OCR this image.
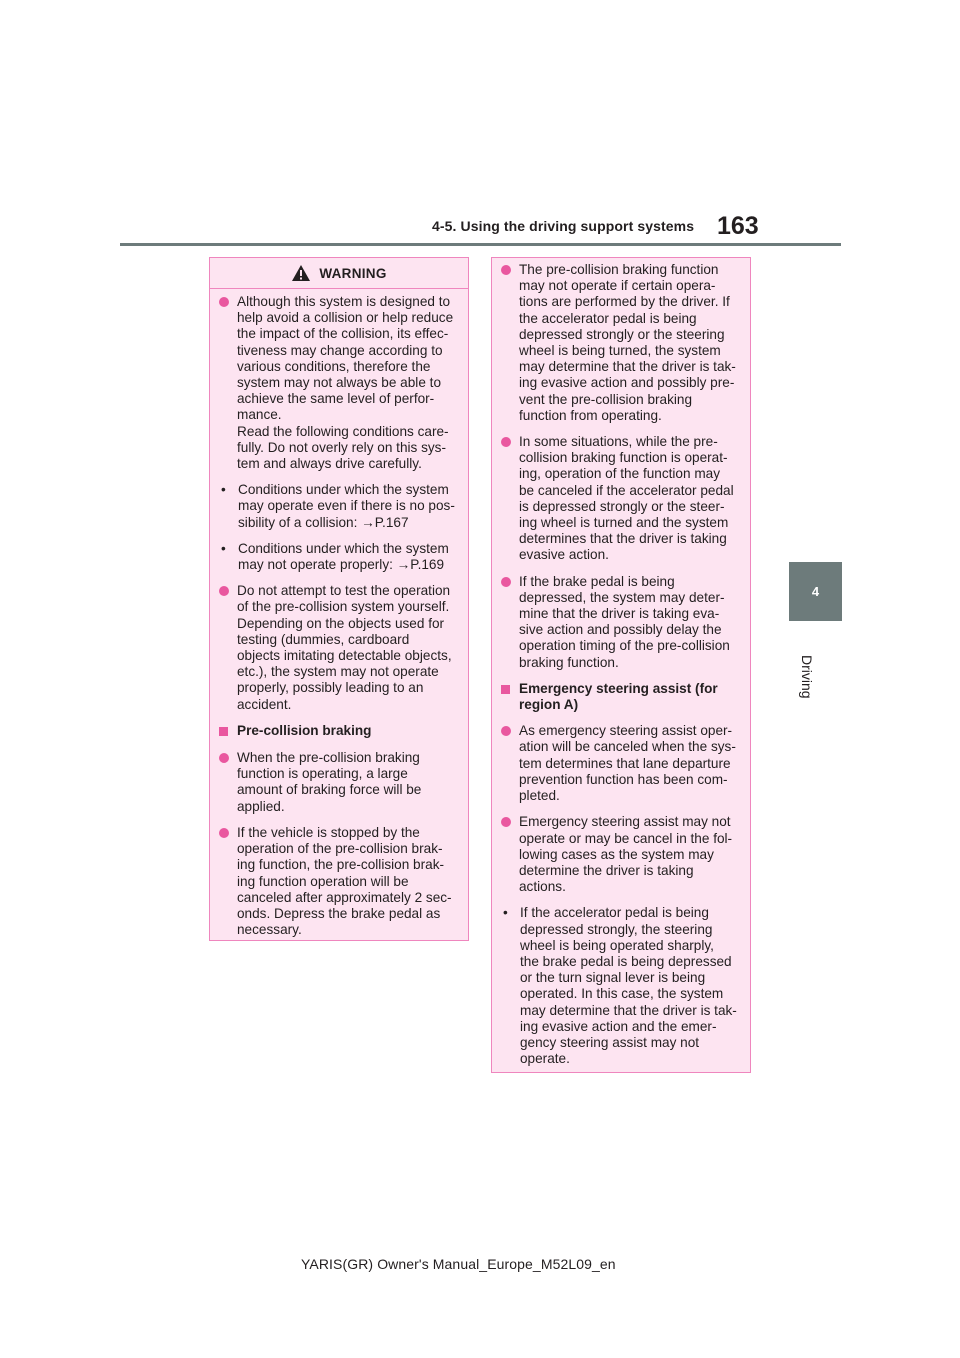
4-5. Using the driving support systems 163
4
Driving
WARNING
Although this system is designed to
help avoid a collision or help reduce
the impact of the collision, its effec-
tiveness may change according to
various conditions, therefore the
system may not always be able to
achieve the same level of perfor-
mance.
Read the following conditions care-
fully. Do not overly rely on this sys-
tem and always drive carefully.
• Conditions under which the system
may operate even if there is no pos-
sibility of a collision: →P.167
• Conditions under which the system
may not operate properly: →P.169
Do not attempt to test the operation
of the pre-collision system yourself.
Depending on the objects used for
testing (dummies, cardboard
objects imitating detectable objects,
etc.), the system may not operate
properly, possibly leading to an
accident.
Pre-collision braking
When the pre-collision braking
function is operating, a large
amount of braking force will be
applied.
If the vehicle is stopped by the
operation of the pre-collision brak-
ing function, the pre-collision brak-
ing function operation will be
canceled after approximately 2 sec-
onds. Depress the brake pedal as
necessary.
The pre-collision braking function
may not operate if certain opera-
tions are performed by the driver. If
the accelerator pedal is being
depressed strongly or the steering
wheel is being turned, the system
may determine that the driver is tak-
ing evasive action and possibly pre-
vent the pre-collision braking
function from operating.
In some situations, while the pre-
collision braking function is operat-
ing, operation of the function may
be canceled if the accelerator pedal
is depressed strongly or the steer-
ing wheel is turned and the system
determines that the driver is taking
evasive action.
If the brake pedal is being
depressed, the system may deter-
mine that the driver is taking eva-
sive action and possibly delay the
operation timing of the pre-collision
braking function.
Emergency steering assist (for
region A)
As emergency steering assist oper-
ation will be canceled when the sys-
tem determines that lane departure
prevention function has been com-
pleted.
Emergency steering assist may not
operate or may be cancel in the fol-
lowing cases as the system may
determine the driver is taking
actions.
• If the accelerator pedal is being
depressed strongly, the steering
wheel is being operated sharply,
the brake pedal is being depressed
or the turn signal lever is being
operated. In this case, the system
may determine that the driver is tak-
ing evasive action and the emer-
gency steering assist may not
operate.
YARIS(GR) Owner's Manual_Europe_M52L09_en
